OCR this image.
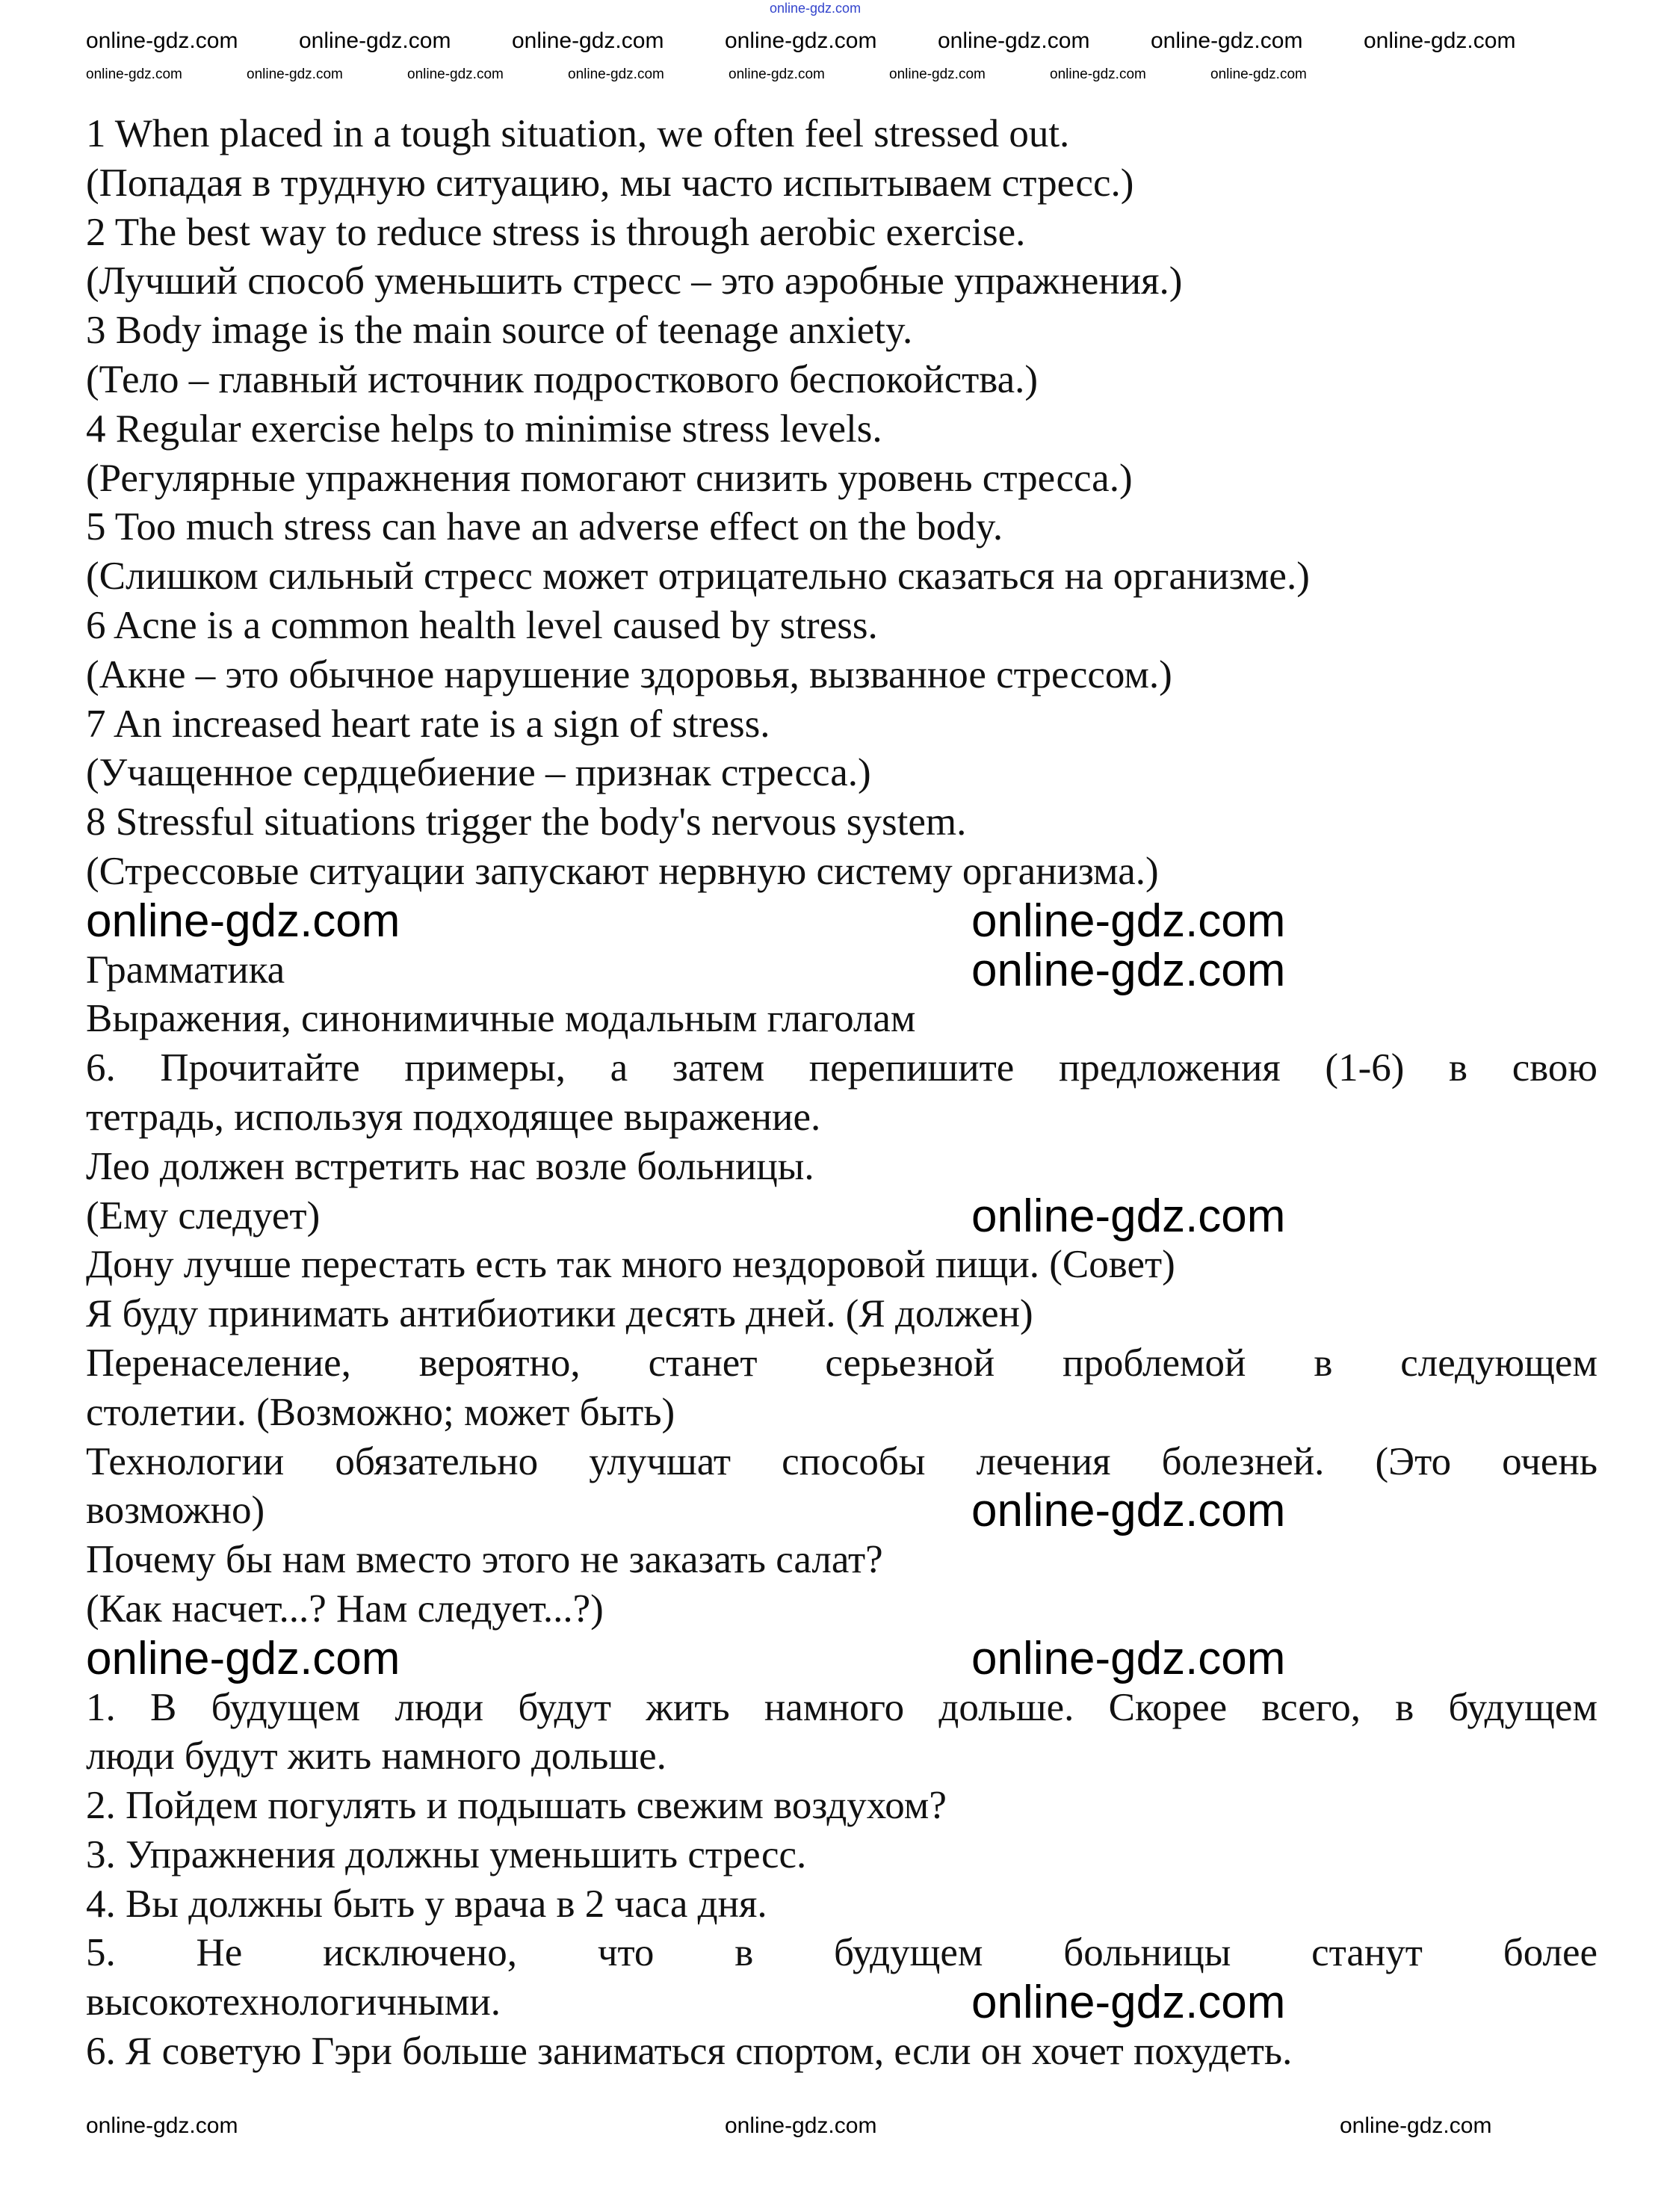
1 When placed in a tough situation, we often feel stressed out.
(Попадая в трудную ситуацию, мы часто испытываем стресс.)
2 The best way to reduce stress is through aerobic exercise.
(Лучший способ уменьшить стресс – это аэробные упражнения.)
3 Body image is the main source of teenage anxiety.
(Тело – главный источник подросткового беспокойства.)
4 Regular exercise helps to minimise stress levels.
(Регулярные упражнения помогают снизить уровень стресса.)
5 Too much stress can have an adverse effect on the body.
(Слишком сильный стресс может отрицательно сказаться на организме.)
6 Acne is a common health level caused by stress.
(Акне – это обычное нарушение здоровья, вызванное стрессом.)
7 An increased heart rate is a sign of stress.
(Учащенное сердцебиение – признак стресса.)
8 Stressful situations trigger the body's nervous system.
(Стрессовые ситуации запускают нервную систему организма.)
Грамматика
Выражения, синонимичные модальным глаголам
6. Прочитайте примеры, а затем перепишите предложения (1-6) в свою
тетрадь, используя подходящее выражение.
Лео должен встретить нас возле больницы.
(Ему следует)
Дону лучше перестать есть так много нездоровой пищи. (Совет)
Я буду принимать антибиотики десять дней. (Я должен)
Перенаселение, вероятно, станет серьезной проблемой в следующем
столетии. (Возможно; может быть)
Технологии обязательно улучшат способы лечения болезней. (Это очень
возможно)
Почему бы нам вместо этого не заказать салат?
(Как насчет...? Нам следует...?)
1. В будущем люди будут жить намного дольше. Скорее всего, в будущем
люди будут жить намного дольше.
2. Пойдем погулять и подышать свежим воздухом?
3. Упражнения должны уменьшить стресс.
4. Вы должны быть у врача в 2 часа дня.
5. Не исключено, что в будущем больницы станут более
высокотехнологичными.
6. Я советую Гэри больше заниматься спортом, если он хочет похудеть.
online-gdz.com
online-gdz.com	online-gdz.com	online-gdz.com	online-gdz.com	online-gdz.com	online-gdz.com	online-gdz.com
online-gdz.com	online-gdz.com	online-gdz.com	online-gdz.com	online-gdz.com	online-gdz.com	online-gdz.com	online-gdz.com
online-gdz.com	online-gdz.com
online-gdz.com
online-gdz.com
online-gdz.com
online-gdz.com	online-gdz.com
online-gdz.com
online-gdz.com	online-gdz.com	online-gdz.com
